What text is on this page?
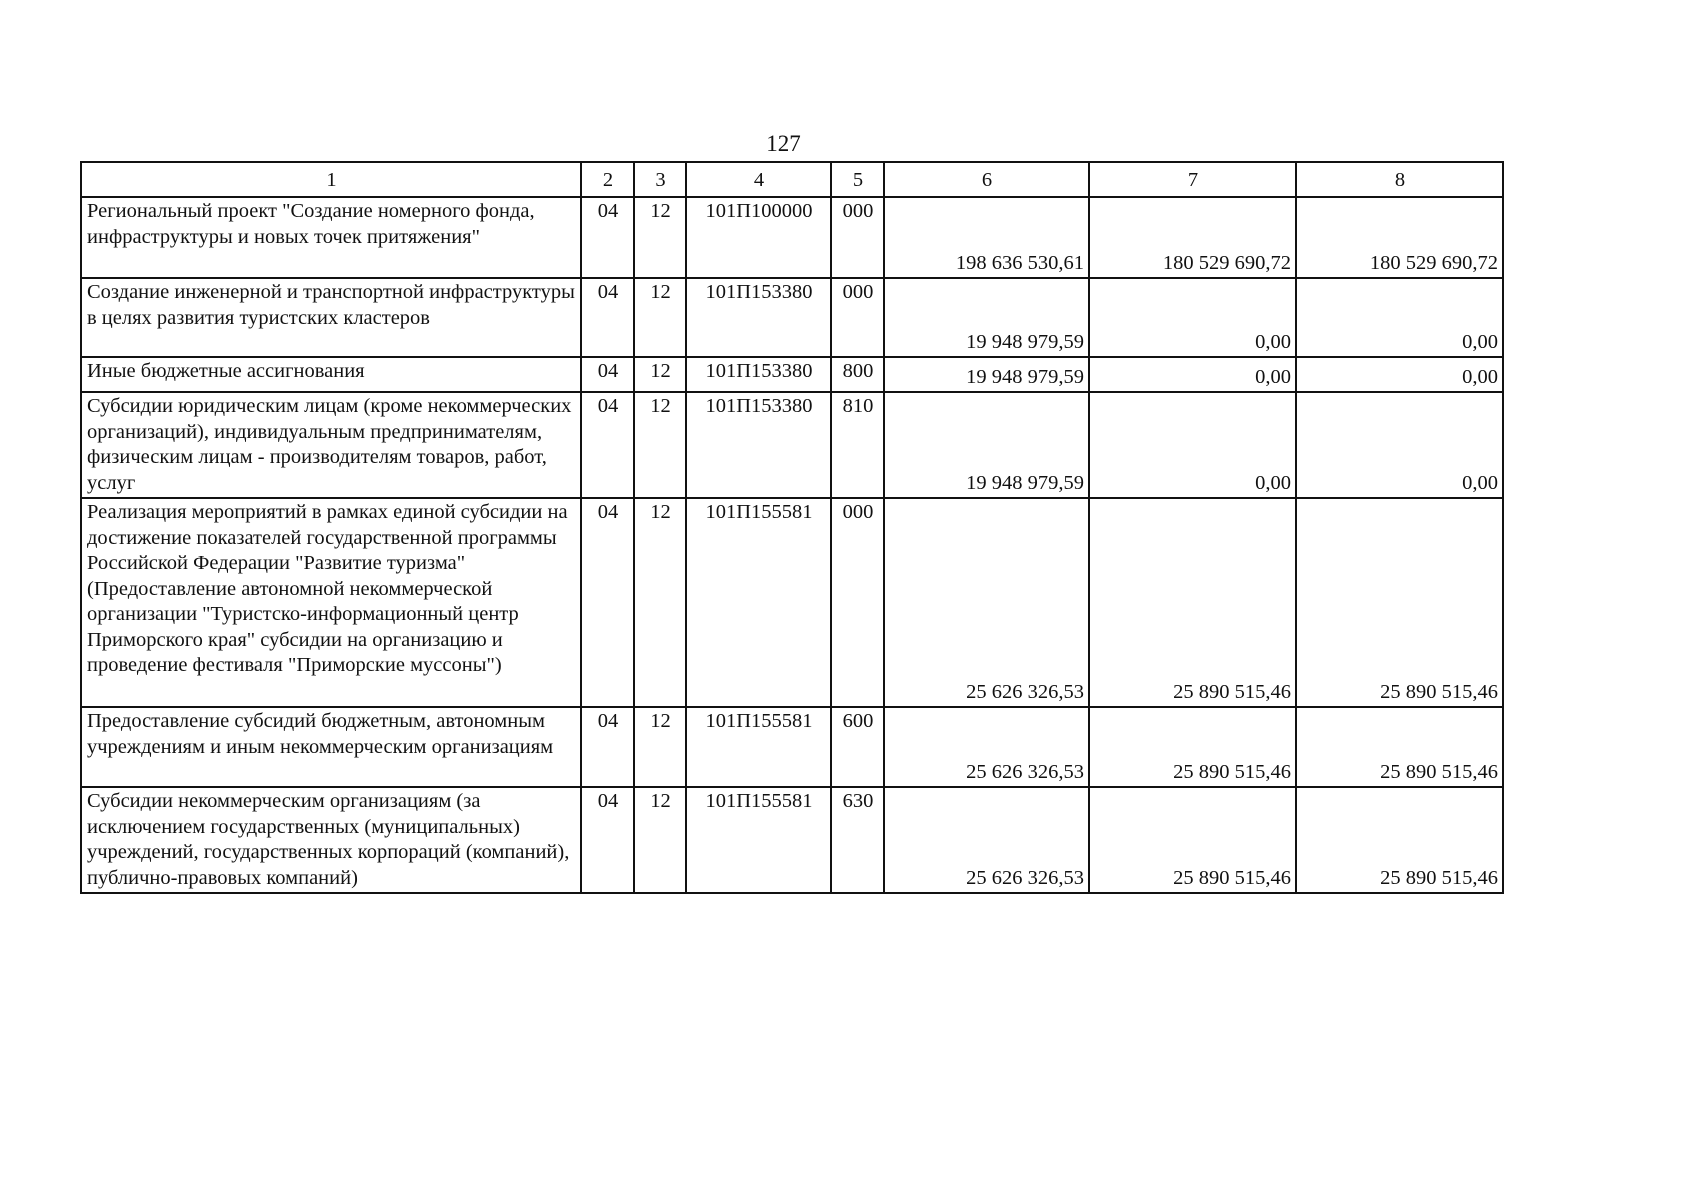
127
1	2	3	4	5	6	7	8
Региональный проект "Создание номерного фонда, инфраструктуры и новых точек притяжения"	04	12	101П100000	000	198 636 530,61	180 529 690,72	180 529 690,72
Создание инженерной и транспортной инфраструктуры в целях развития туристских кластеров	04	12	101П153380	000	19 948 979,59	0,00	0,00
Иные бюджетные ассигнования	04	12	101П153380	800	19 948 979,59	0,00	0,00
Субсидии юридическим лицам (кроме некоммерческих организаций), индивидуальным предпринимателям, физическим лицам - производителям товаров, работ, услуг	04	12	101П153380	810	19 948 979,59	0,00	0,00
Реализация мероприятий в рамках единой субсидии на достижение показателей государственной программы Российской Федерации "Развитие туризма" (Предоставление автономной некоммерческой организации "Туристско-информационный центр Приморского края" субсидии на организацию и проведение фестиваля "Приморские муссоны")	04	12	101П155581	000	25 626 326,53	25 890 515,46	25 890 515,46
Предоставление субсидий бюджетным, автономным учреждениям и иным некоммерческим организациям	04	12	101П155581	600	25 626 326,53	25 890 515,46	25 890 515,46
Субсидии некоммерческим организациям (за исключением государственных (муниципальных) учреждений, государственных корпораций (компаний), публично-правовых компаний)	04	12	101П155581	630	25 626 326,53	25 890 515,46	25 890 515,46
